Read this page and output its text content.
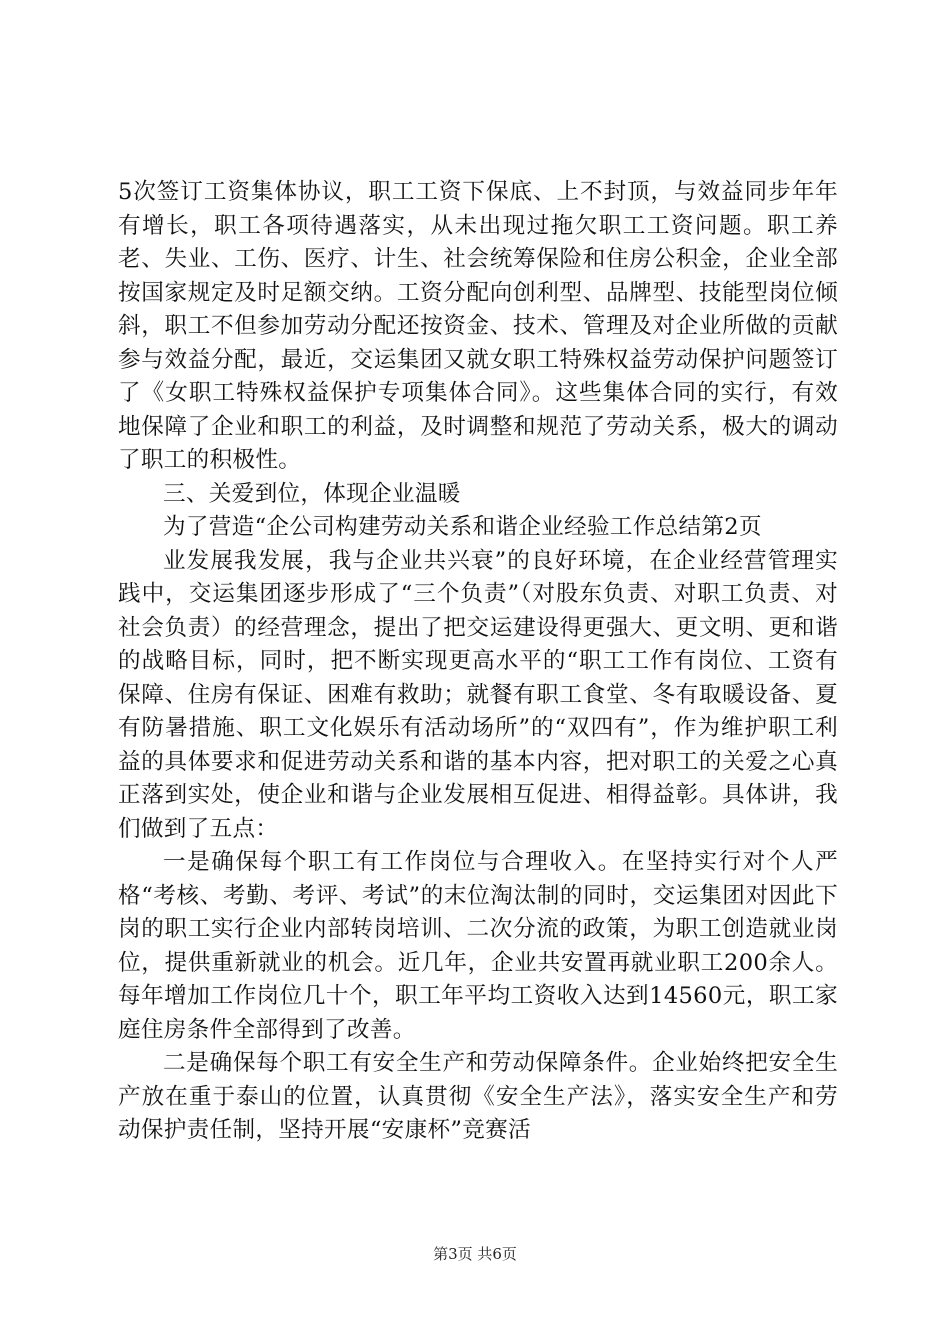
5次签订工资集体协议，职工工资下保底、上不封顶，与效益同步年年有增长，职工各项待遇落实，从未出现过拖欠职工工资问题。职工养老、失业、工伤、医疗、计生、社会统筹保险和住房公积金，企业全部按国家规定及时足额交纳。工资分配向创利型、品牌型、技能型岗位倾斜，职工不但参加劳动分配还按资金、技术、管理及对企业所做的贡献参与效益分配，最近，交运集团又就女职工特殊权益劳动保护问题签订了《女职工特殊权益保护专项集体合同》。这些集体合同的实行，有效地保障了企业和职工的利益，及时调整和规范了劳动关系，极大的调动了职工的积极性。

三、关爱到位，体现企业温暖

为了营造“企公司构建劳动关系和谐企业经验工作总结第2页

业发展我发展，我与企业共兴衰”的良好环境，在企业经营管理实践中，交运集团逐步形成了“三个负责”（对股东负责、对职工负责、对社会负责）的经营理念，提出了把交运建设得更强大、更文明、更和谐的战略目标，同时，把不断实现更高水平的“职工工作有岗位、工资有保障、住房有保证、困难有救助；就餐有职工食堂、冬有取暖设备、夏有防暑措施、职工文化娱乐有活动场所”的“双四有”，作为维护职工利益的具体要求和促进劳动关系和谐的基本内容，把对职工的关爱之心真正落到实处，使企业和谐与企业发展相互促进、相得益彰。具体讲，我们做到了五点：

一是确保每个职工有工作岗位与合理收入。在坚持实行对个人严格“考核、考勤、考评、考试”的末位淘汰制的同时，交运集团对因此下岗的职工实行企业内部转岗培训、二次分流的政策，为职工创造就业岗位，提供重新就业的机会。近几年，企业共安置再就业职工200余人。每年增加工作岗位几十个，职工年平均工资收入达到14560元，职工家庭住房条件全部得到了改善。

二是确保每个职工有安全生产和劳动保障条件。企业始终把安全生产放在重于泰山的位置，认真贯彻《安全生产法》，落实安全生产和劳动保护责任制，坚持开展“安康杯”竞赛活

第3页 共6页
